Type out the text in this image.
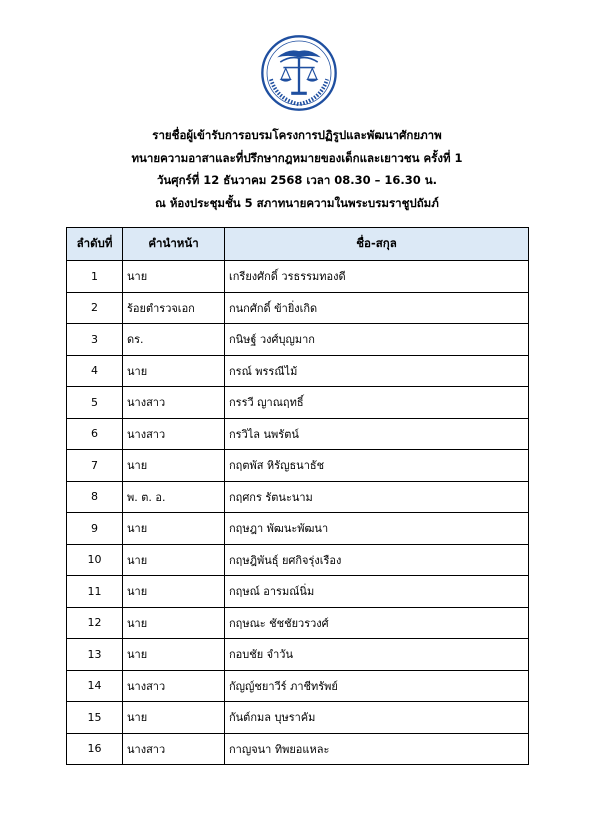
รายชื่อผู้เข้ารับการอบรมโครงการปฏิรูปและพัฒนาศักยภาพ
ทนายความอาสาและที่ปรึกษากฎหมายของเด็กและเยาวชน ครั้งที่ 1
วันศุกร์ที่ 12 ธันวาคม 2568 เวลา 08.30 – 16.30 น.
ณ ห้องประชุมชั้น 5 สภาทนายความในพระบรมราชูปถัมภ์
ลำดับที่	คำนำหน้า	ชื่อ-สกุล
1	นาย	เกรียงศักดิ์ วรธรรมทองดี
2	ร้อยตำรวจเอก	กนกศักดิ์ ข้ายิ่งเกิด
3	ดร.	กนิษฐ์ วงศ์บุญมาก
4	นาย	กรณ์ พรรณีไม้
5	นางสาว	กรรวี ญาณฤทธิ์
6	นางสาว	กรวิไล นพรัตน์
7	นาย	กฤตพัส หิรัญธนาธัช
8	พ. ต. อ.	กฤศกร รัตนะนาม
9	นาย	กฤษฎา พัฒนะพัฒนา
10	นาย	กฤษฎิพันธุ์ ยศกิจรุ่งเรือง
11	นาย	กฤษณ์ อารมณ์นิ่ม
12	นาย	กฤษณะ ชัชชัยวรวงศ์
13	นาย	กอบชัย จำวัน
14	นางสาว	กัญญ์ชยาวีร์ ภาชีทรัพย์
15	นาย	กันต์กมล บุษราคัม
16	นางสาว	กาญจนา ทิพยอแหละ
